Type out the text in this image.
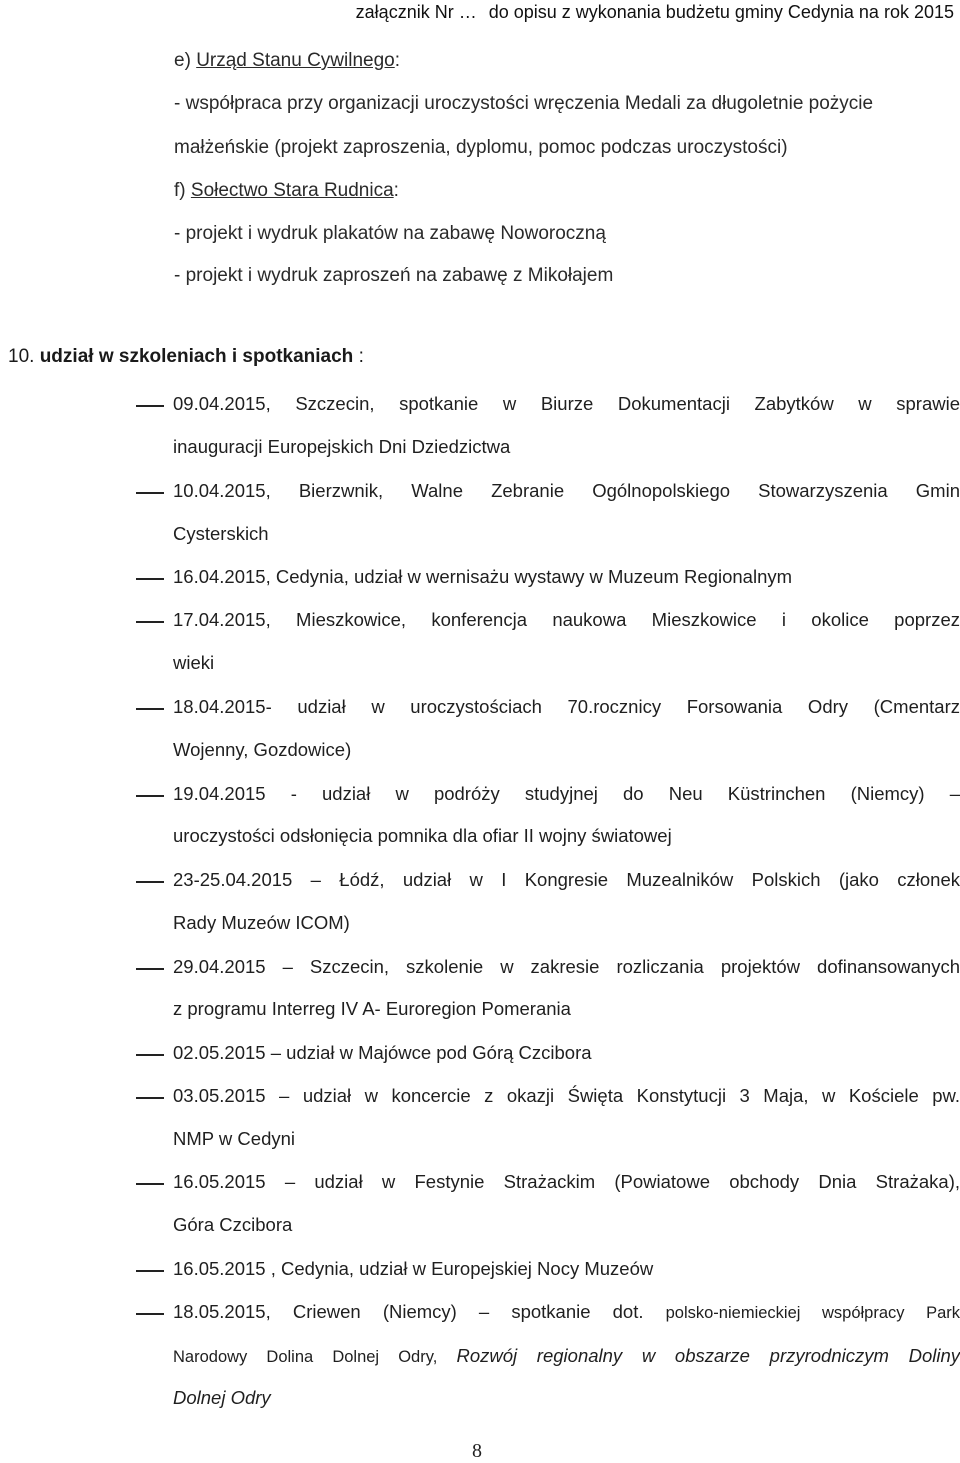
załącznik Nr … do opisu z wykonania budżetu gminy Cedynia na rok 2015
e) Urząd Stanu Cywilnego:
- współpraca przy organizacji uroczystości wręczenia Medali za długoletnie pożycie
małżeńskie (projekt zaproszenia, dyplomu, pomoc podczas uroczystości)
f) Sołectwo Stara Rudnica:
- projekt i wydruk plakatów na zabawę Noworoczną
- projekt i wydruk zaproszeń na zabawę z Mikołajem
10. udział w szkoleniach i spotkaniach :
09.04.2015, Szczecin, spotkanie w Biurze Dokumentacji Zabytków w sprawie
inauguracji Europejskich Dni Dziedzictwa
10.04.2015, Bierzwnik, Walne Zebranie Ogólnopolskiego Stowarzyszenia Gmin
Cysterskich
16.04.2015, Cedynia, udział w wernisażu wystawy w Muzeum Regionalnym
17.04.2015, Mieszkowice, konferencja naukowa Mieszkowice i okolice poprzez
wieki
18.04.2015- udział w uroczystościach 70.rocznicy Forsowania Odry (Cmentarz
Wojenny, Gozdowice)
19.04.2015 - udział w podróży studyjnej do Neu Küstrinchen (Niemcy) –
uroczystości odsłonięcia pomnika dla ofiar II wojny światowej
23-25.04.2015 – Łódź, udział w I Kongresie Muzealników Polskich (jako członek
Rady Muzeów ICOM)
29.04.2015 – Szczecin, szkolenie w zakresie rozliczania projektów dofinansowanych
z programu Interreg IV A- Euroregion Pomerania
02.05.2015 – udział w Majówce pod Górą Czcibora
03.05.2015 – udział w koncercie z okazji Święta Konstytucji 3 Maja, w Kościele pw.
NMP w Cedyni
16.05.2015 – udział w Festynie Strażackim (Powiatowe obchody Dnia Strażaka),
Góra Czcibora
16.05.2015 , Cedynia, udział w Europejskiej Nocy Muzeów
18.05.2015, Criewen (Niemcy) – spotkanie dot. polsko-niemieckiej współpracy Park
Narodowy Dolina Dolnej Odry, Rozwój regionalny w obszarze przyrodniczym Doliny
Dolnej Odry
8
